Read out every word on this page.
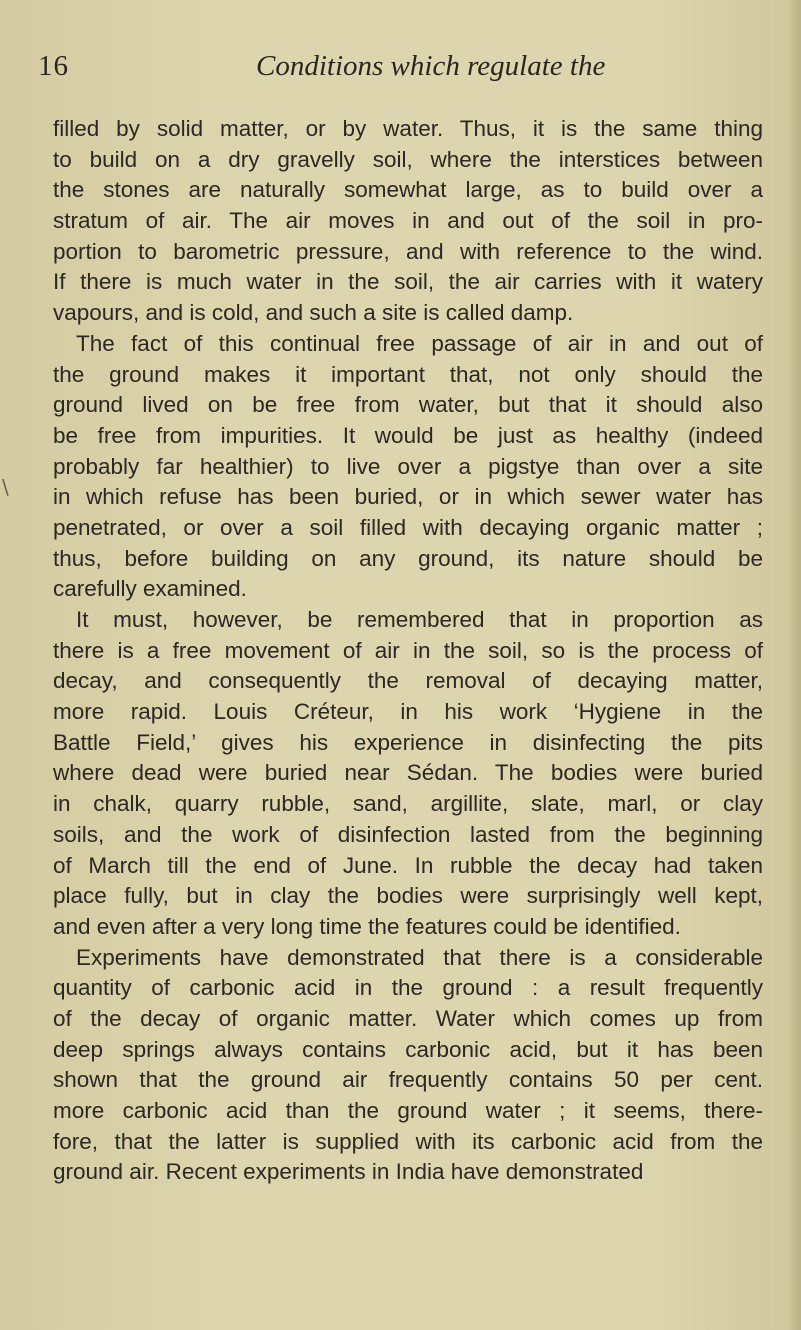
16	Conditions which regulate the
\
filled by solid matter, or by water. Thus, it is the same thing
to build on a dry gravelly soil, where the interstices between
the stones are naturally somewhat large, as to build over a
stratum of air. The air moves in and out of the soil in pro-
portion to barometric pressure, and with reference to the wind.
If there is much water in the soil, the air carries with it watery
vapours, and is cold, and such a site is called damp.
The fact of this continual free passage of air in and out of
the ground makes it important that, not only should the
ground lived on be free from water, but that it should also
be free from impurities. It would be just as healthy (indeed
probably far healthier) to live over a pigstye than over a site
in which refuse has been buried, or in which sewer water has
penetrated, or over a soil filled with decaying organic matter ;
thus, before building on any ground, its nature should be
carefully examined.
It must, however, be remembered that in proportion as
there is a free movement of air in the soil, so is the process of
decay, and consequently the removal of decaying matter,
more rapid. Louis Créteur, in his work ‘Hygiene in the
Battle Field,’ gives his experience in disinfecting the pits
where dead were buried near Sédan. The bodies were buried
in chalk, quarry rubble, sand, argillite, slate, marl, or clay
soils, and the work of disinfection lasted from the beginning
of March till the end of June. In rubble the decay had taken
place fully, but in clay the bodies were surprisingly well kept,
and even after a very long time the features could be identified.
Experiments have demonstrated that there is a considerable
quantity of carbonic acid in the ground : a result frequently
of the decay of organic matter. Water which comes up from
deep springs always contains carbonic acid, but it has been
shown that the ground air frequently contains 50 per cent.
more carbonic acid than the ground water ; it seems, there-
fore, that the latter is supplied with its carbonic acid from the
ground air. Recent experiments in India have demonstrated
